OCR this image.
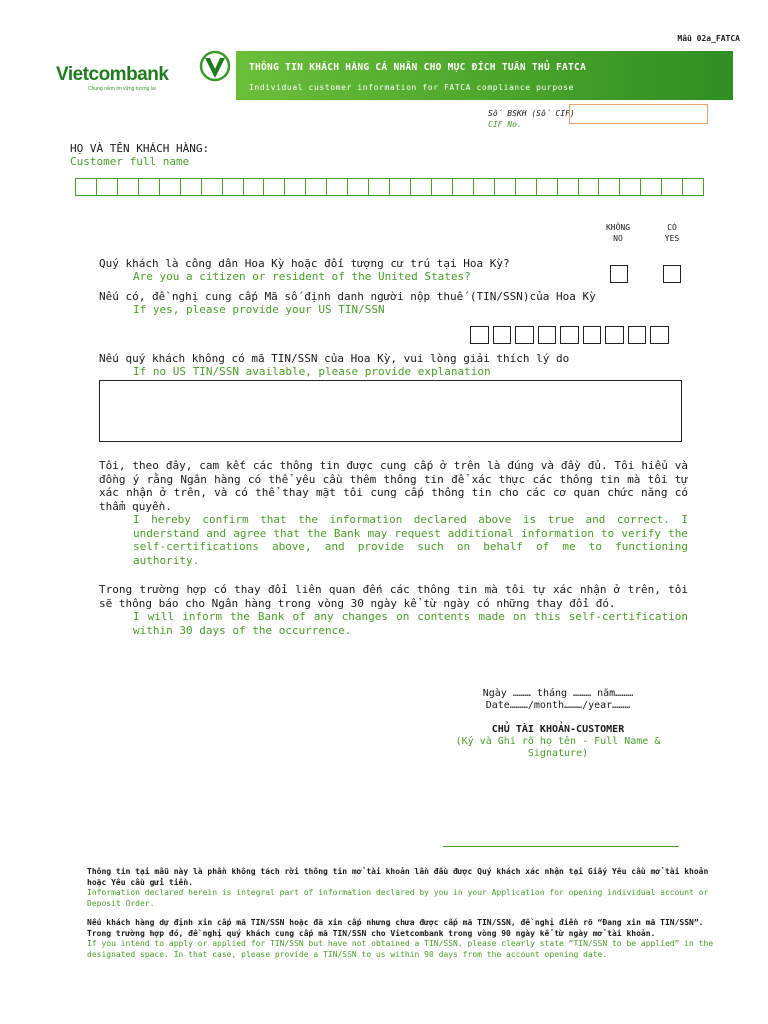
Mẫu 02a_FATCA
Vietcombank
Chung niềm tin vững tương lai
THÔNG TIN KHÁCH HÀNG CÁ NHÂN CHO MỤC ĐÍCH TUÂN THỦ FATCA
Individual customer information for FATCA compliance purpose
Số BSKH (Số CIF)
CIF No.
HỌ VÀ TÊN KHÁCH HÀNG:
Customer full name
KHÔNG
NO
CÓ
YES
Quý khách là công dân Hoa Kỳ hoặc đối tượng cư trú tại Hoa Kỳ?
Are you a citizen or resident of the United States?
Nếu có, đề nghị cung cấp Mã số định danh người nộp thuế (TIN/SSN)của Hoa Kỳ
If yes, please provide your US TIN/SSN
Nếu quý khách không có mã TIN/SSN của Hoa Kỳ, vui lòng giải thích lý do
If no US TIN/SSN available, please provide explanation
Tôi, theo đây, cam kết các thông tin được cung cấp ở trên là đúng và đầy đủ. Tôi hiểu và đồng ý rằng Ngân hàng có thể yêu cầu thêm thông tin để xác thực các thông tin mà tôi tự xác nhận ở trên, và có thể thay mặt tôi cung cấp thông tin cho các cơ quan chức năng có thẩm quyền.
I hereby confirm that the information declared above is true and correct. I understand and agree that the Bank may request additional information to verify the self-certifications above, and provide such on behalf of me to functioning authority.
Trong trường hợp có thay đổi liên quan đến các thông tin mà tôi tự xác nhận ở trên, tôi sẽ thông báo cho Ngân hàng trong vòng 30 ngày kể từ ngày có những thay đổi đó.
I will inform the Bank of any changes on contents made on this self-certification within 30 days of the occurrence.
Ngày ……… tháng ……… năm………
Date………/month………/year………
CHỦ TÀI KHOẢN-CUSTOMER
(Ký và Ghi rõ họ tên - Full Name & Signature)
Thông tin tại mẫu này là phần không tách rời thông tin mở tài khoản lần đầu được Quý khách xác nhận tại Giấy Yêu cầu mở tài khoản hoặc Yêu cầu gửi tiền.
Information declared herein is integral part of information declared by you in your Application for opening individual account or Deposit Order.
Nếu khách hàng dự định xin cấp mã TIN/SSN hoặc đã xin cấp nhưng chưa được cấp mã TIN/SSN, đề nghị điền rõ “Đang xin mã TIN/SSN”. Trong trường hợp đó, đề nghị quý khách cung cấp mã TIN/SSN cho Vietcombank trong vòng 90 ngày kể từ ngày mở tài khoản.
If you intend to apply or applied for TIN/SSN but have not obtained a TIN/SSN, please clearly state “TIN/SSN to be applied” in the designated space. In that case, please provide a TIN/SSN to us within 90 days from the account opening date.
